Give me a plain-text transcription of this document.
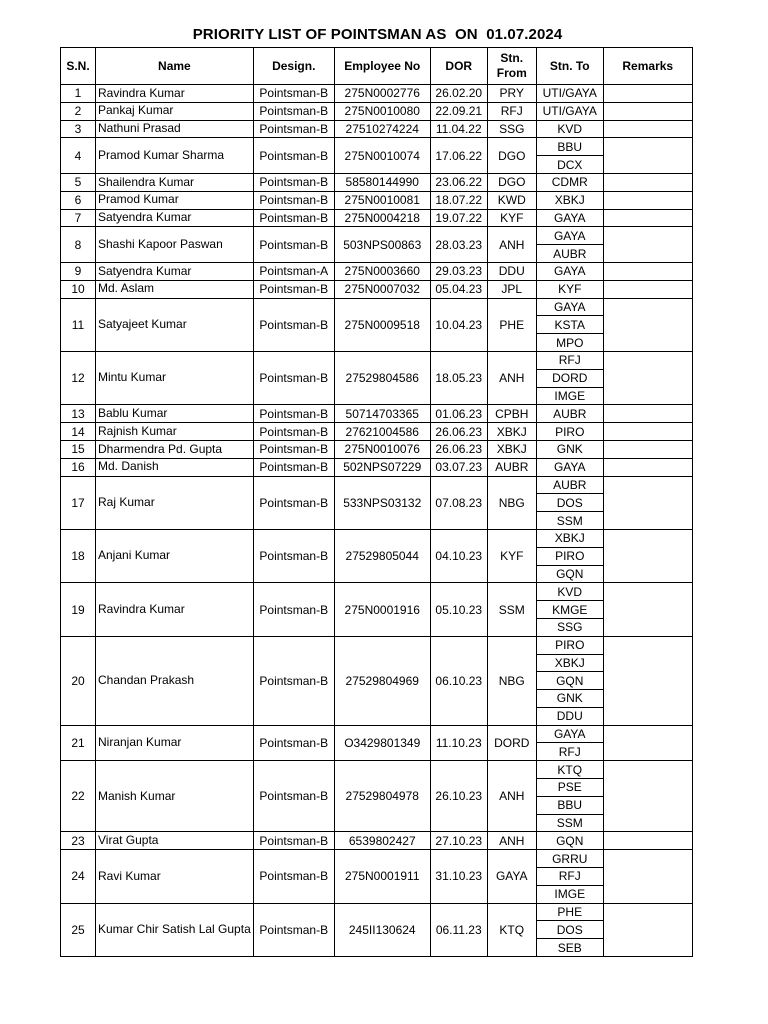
PRIORITY LIST OF POINTSMAN AS  ON  01.07.2024
S.N.	Name	Design.	Employee No	DOR	Stn. From	Stn. To	Remarks
1	Ravindra Kumar	Pointsman-B	275N0002776	26.02.20	PRY	UTI/GAYA	
2	Pankaj Kumar	Pointsman-B	275N0010080	22.09.21	RFJ	UTI/GAYA	
3	Nathuni Prasad	Pointsman-B	27510274224	11.04.22	SSG	KVD	
4	Pramod Kumar Sharma	Pointsman-B	275N0010074	17.06.22	DGO	BBU	
						DCX	
5	Shailendra Kumar	Pointsman-B	58580144990	23.06.22	DGO	CDMR	
6	Pramod Kumar	Pointsman-B	275N0010081	18.07.22	KWD	XBKJ	
7	Satyendra Kumar	Pointsman-B	275N0004218	19.07.22	KYF	GAYA	
8	Shashi Kapoor Paswan	Pointsman-B	503NPS00863	28.03.23	ANH	GAYA	
						AUBR	
9	Satyendra Kumar	Pointsman-A	275N0003660	29.03.23	DDU	GAYA	
10	Md. Aslam	Pointsman-B	275N0007032	05.04.23	JPL	KYF	
11	Satyajeet Kumar	Pointsman-B	275N0009518	10.04.23	PHE	GAYA	
						KSTA	
						MPO	
12	Mintu Kumar	Pointsman-B	27529804586	18.05.23	ANH	RFJ	
						DORD	
						IMGE	
13	Bablu Kumar	Pointsman-B	50714703365	01.06.23	CPBH	AUBR	
14	Rajnish Kumar	Pointsman-B	27621004586	26.06.23	XBKJ	PIRO	
15	Dharmendra Pd. Gupta	Pointsman-B	275N0010076	26.06.23	XBKJ	GNK	
16	Md. Danish	Pointsman-B	502NPS07229	03.07.23	AUBR	GAYA	
17	Raj Kumar	Pointsman-B	533NPS03132	07.08.23	NBG	AUBR	
						DOS	
						SSM	
18	Anjani Kumar	Pointsman-B	27529805044	04.10.23	KYF	XBKJ	
						PIRO	
						GQN	
19	Ravindra Kumar	Pointsman-B	275N0001916	05.10.23	SSM	KVD	
						KMGE	
						SSG	
20	Chandan Prakash	Pointsman-B	27529804969	06.10.23	NBG	PIRO	
						XBKJ	
						GQN	
						GNK	
						DDU	
21	Niranjan Kumar	Pointsman-B	O3429801349	11.10.23	DORD	GAYA	
						RFJ	
22	Manish Kumar	Pointsman-B	27529804978	26.10.23	ANH	KTQ	
						PSE	
						BBU	
						SSM	
23	Virat Gupta	Pointsman-B	6539802427	27.10.23	ANH	GQN	
24	Ravi Kumar	Pointsman-B	275N0001911	31.10.23	GAYA	GRRU	
						RFJ	
						IMGE	
25	Kumar Chir Satish Lal Gupta	Pointsman-B	245II130624	06.11.23	KTQ	PHE	
						DOS	
						SEB	
